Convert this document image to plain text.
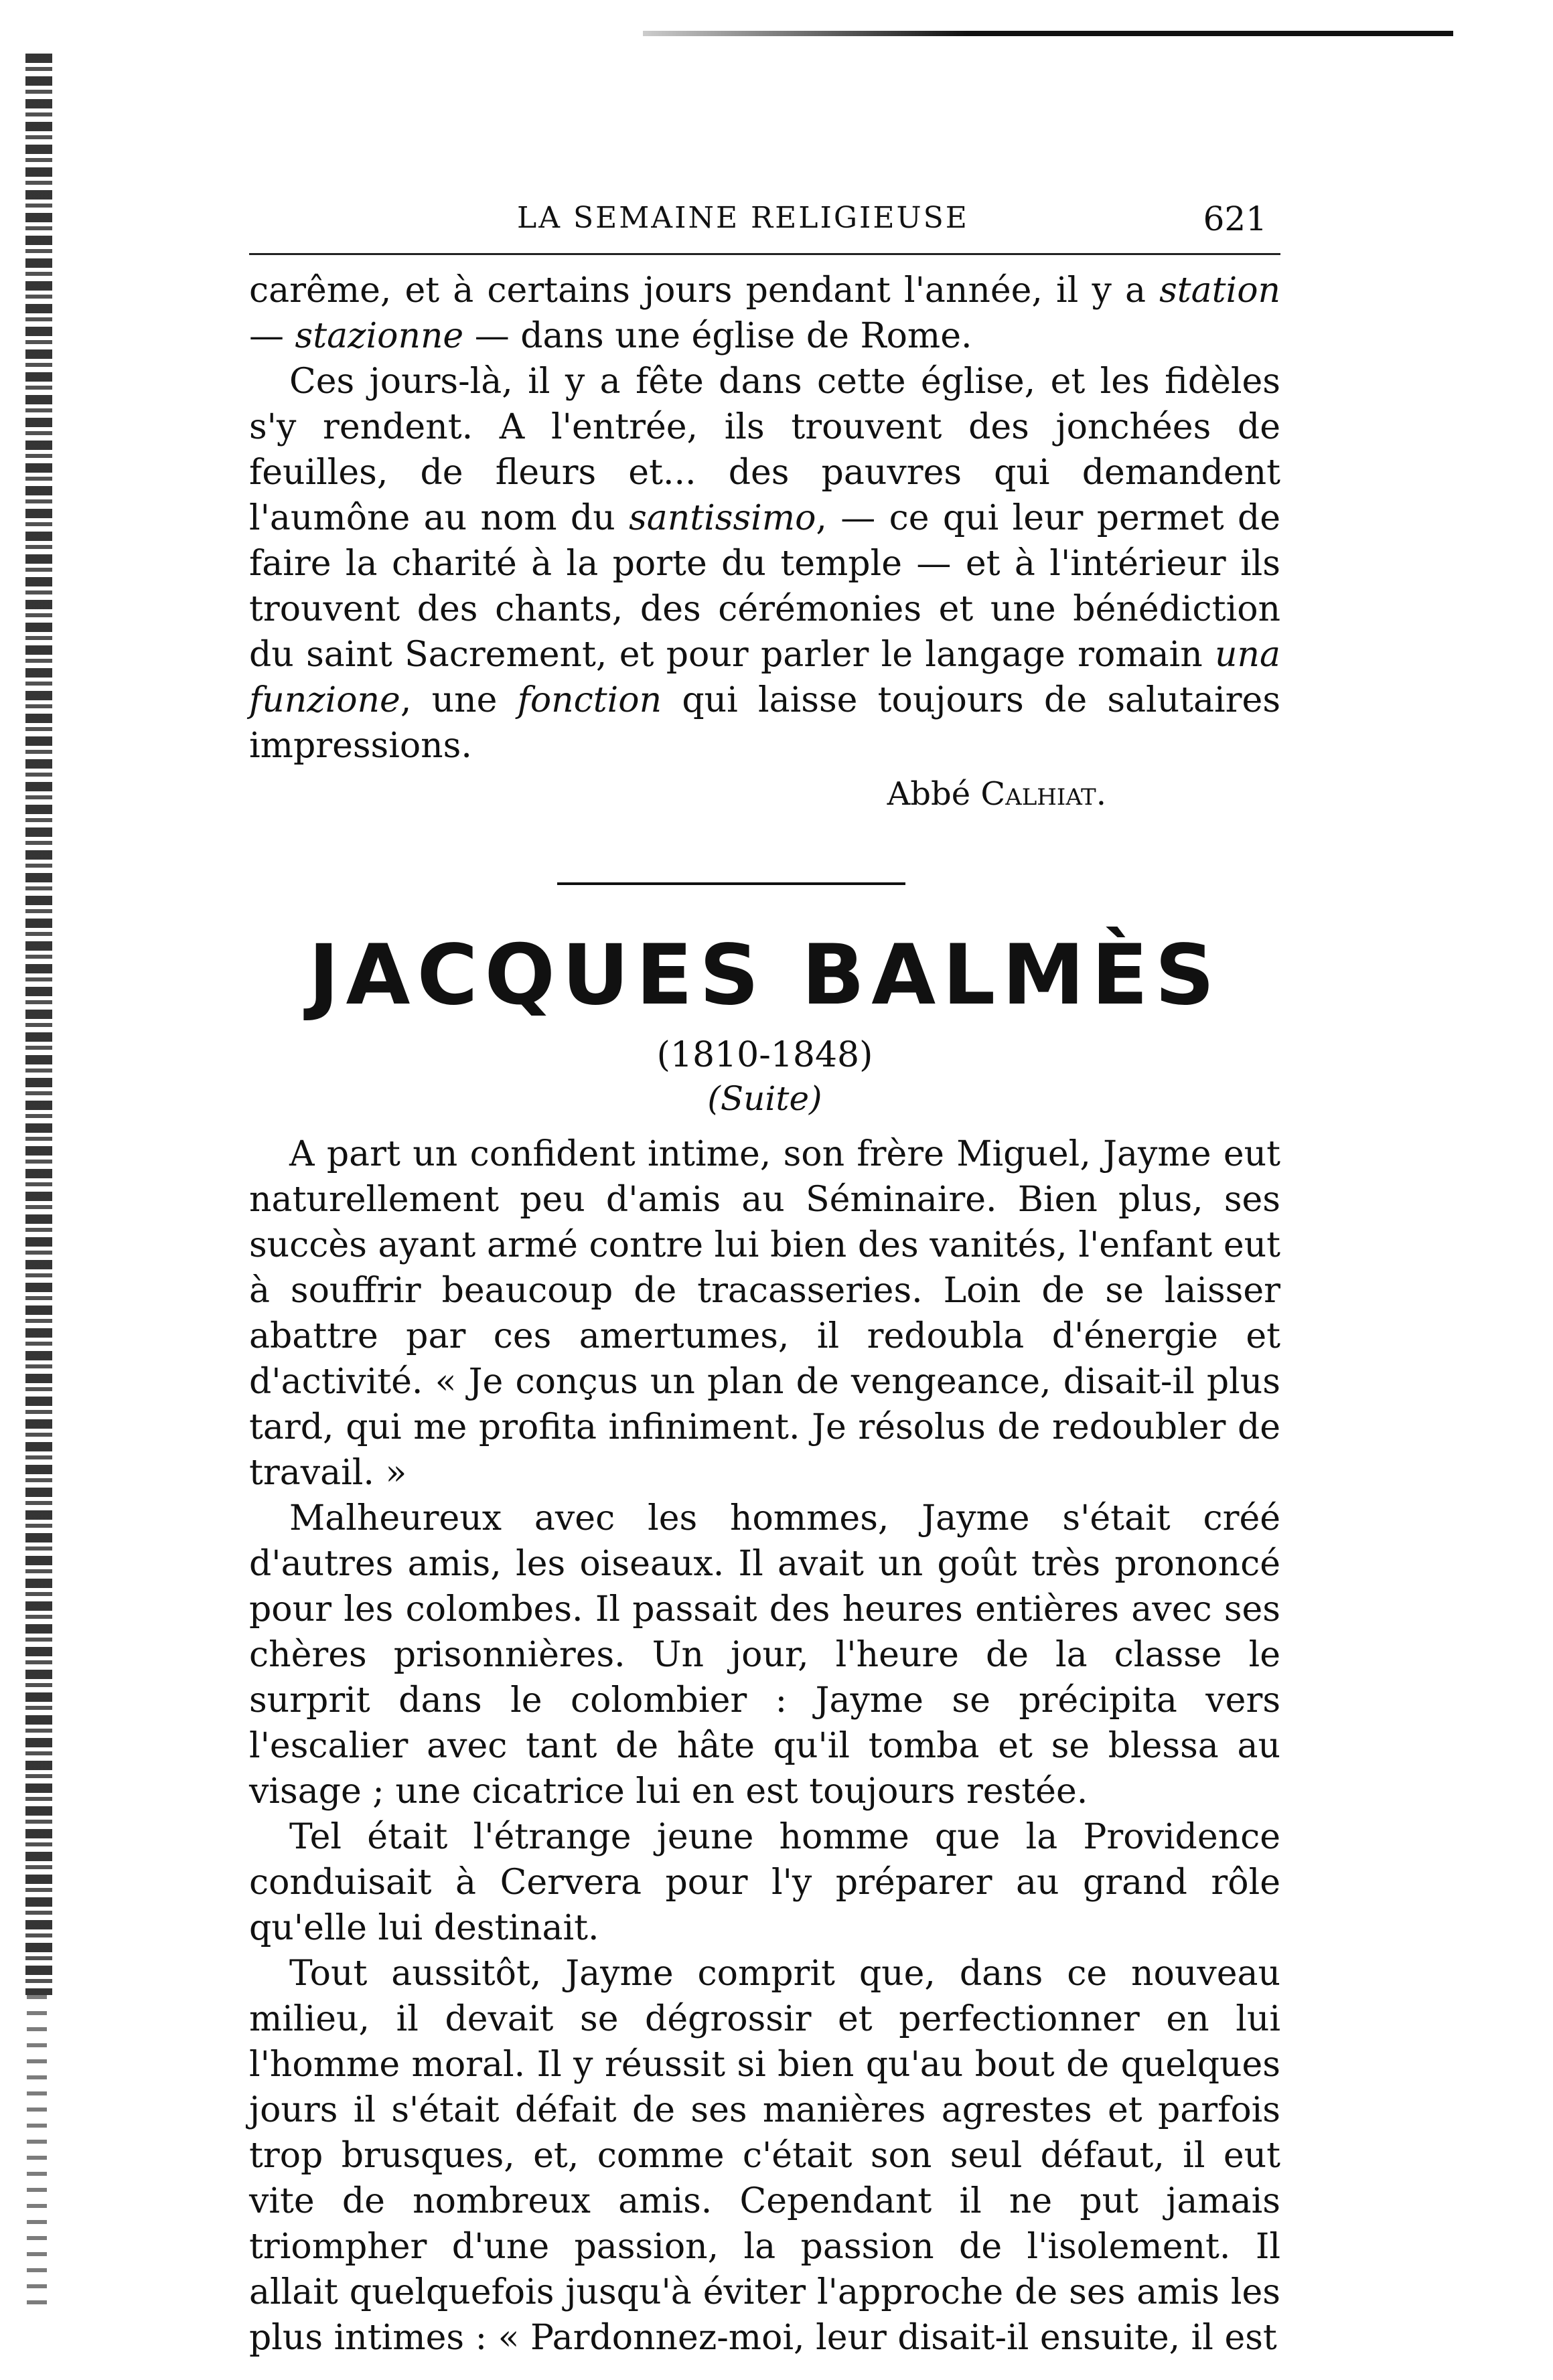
LA SEMAINE RELIGIEUSE	621

carême, et à certains jours pendant l'année, il y a station — stazionne — dans une église de Rome.

Ces jours-là, il y a fête dans cette église, et les fidèles s'y rendent. A l'entrée, ils trouvent des jonchées de feuilles, de fleurs et... des pauvres qui demandent l'aumône au nom du santissimo, — ce qui leur permet de faire la charité à la porte du temple — et à l'intérieur ils trouvent des chants, des cérémonies et une bénédiction du saint Sacrement, et pour parler le langage romain una funzione, une fonction qui laisse toujours de salutaires impressions.

Abbé Calhiat.
JACQUES BALMÈS
(1810-1848)
(Suite)

A part un confident intime, son frère Miguel, Jayme eut naturellement peu d'amis au Séminaire. Bien plus, ses succès ayant armé contre lui bien des vanités, l'enfant eut à souffrir beaucoup de tracasseries. Loin de se laisser abattre par ces amertumes, il redoubla d'énergie et d'activité. « Je conçus un plan de vengeance, disait-il plus tard, qui me profita infiniment. Je résolus de redoubler de travail. »

Malheureux avec les hommes, Jayme s'était créé d'autres amis, les oiseaux. Il avait un goût très prononcé pour les colombes. Il passait des heures entières avec ses chères prisonnières. Un jour, l'heure de la classe le surprit dans le colombier : Jayme se précipita vers l'escalier avec tant de hâte qu'il tomba et se blessa au visage ; une cicatrice lui en est toujours restée.

Tel était l'étrange jeune homme que la Providence conduisait à Cervera pour l'y préparer au grand rôle qu'elle lui destinait.

Tout aussitôt, Jayme comprit que, dans ce nouveau milieu, il devait se dégrossir et perfectionner en lui l'homme moral. Il y réussit si bien qu'au bout de quelques jours il s'était défait de ses manières agrestes et parfois trop brusques, et, comme c'était son seul défaut, il eut vite de nombreux amis. Cependant il ne put jamais triompher d'une passion, la passion de l'isolement. Il allait quelquefois jusqu'à éviter l'approche de ses amis les plus intimes : « Pardonnez-moi, leur disait-il ensuite, il est
